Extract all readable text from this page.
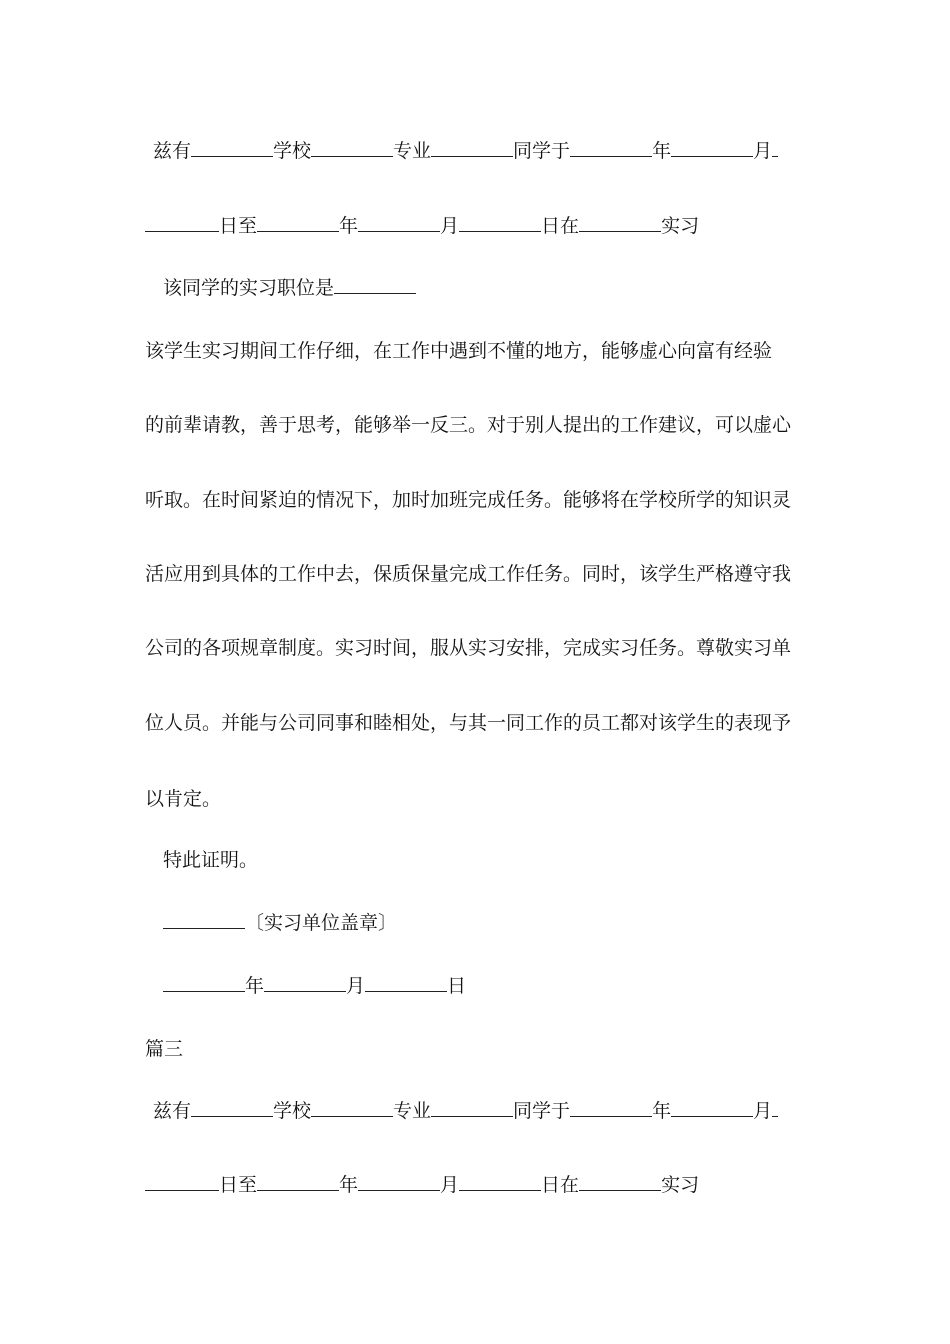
兹有	学校	专业	同学于	年	月
日至	年	月	日在	实习
该同学的实习职位是
该学生实习期间工作仔细，在工作中遇到不懂的地方，能够虚心向富有经验
的前辈请教，善于思考，能够举一反三。对于别人提出的工作建议，可以虚心
听取。在时间紧迫的情况下，加时加班完成任务。能够将在学校所学的知识灵
活应用到具体的工作中去，保质保量完成工作任务。同时，该学生严格遵守我
公司的各项规章制度。实习时间，服从实习安排，完成实习任务。尊敬实习单
位人员。并能与公司同事和睦相处，与其一同工作的员工都对该学生的表现予
以肯定。
特此证明。
〔实习单位盖章〕
年	月	日
篇三
兹有	学校	专业	同学于	年	月
日至	年	月	日在	实习
